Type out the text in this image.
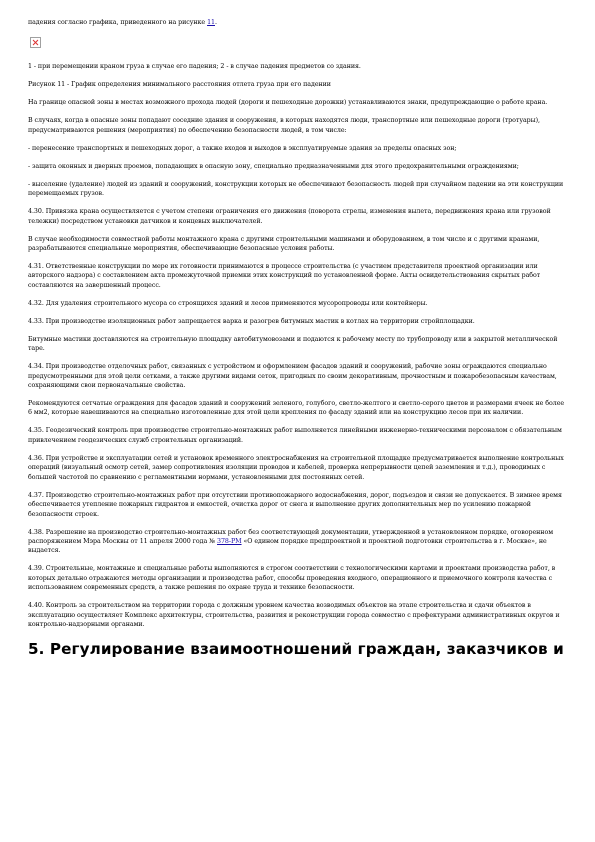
падения согласно графика, приведенного на рисунке 11.

1 - при перемещении краном груза в случае его падения; 2 - в случае падения предметов со здания.

Рисунок 11 - График определения минимального расстояния отлета груза при его падении

На границе опасной зоны в местах возможного прохода людей (дороги и пешеходные дорожки) устанавливаются знаки, предупреждающие о работе крана.

В случаях, когда в опасные зоны попадают соседние здания и сооружения, в которых находятся люди, транспортные или пешеходные дороги (тротуары), предусматриваются решения (мероприятия) по обеспечению безопасности людей, в том числе:

- перенесение транспортных и пешеходных дорог, а также входов и выходов в эксплуатируемые здания за пределы опасных зон;

- защита оконных и дверных проемов, попадающих в опасную зону, специально предназначенными для этого предохранительными ограждениями;

- выселение (удаление) людей из зданий и сооружений, конструкции которых не обеспечивают безопасность людей при случайном падении на эти конструкции перемещаемых грузов.

4.30. Привязка крана осуществляется с учетом степени ограничения его движения (поворота стрелы, изменения вылета, передвижения крана или грузовой тележки) посредством установки датчиков и концевых выключателей.

В случае необходимости совместной работы монтажного крана с другими строительными машинами и оборудованием, в том числе и с другими кранами, разрабатываются специальные мероприятия, обеспечивающие безопасные условия работы.

4.31. Ответственные конструкции по мере их готовности принимаются в процессе строительства (с участием представителя проектной организации или авторского надзора) с составлением акта промежуточной приемки этих конструкций по установленной форме. Акты освидетельствования скрытых работ составляются на завершенный процесс.

4.32. Для удаления строительного мусора со строящихся зданий и лесов применяются мусоропроводы или контейнеры.

4.33. При производстве изоляционных работ запрещается варка и разогрев битумных мастик в котлах на территории стройплощадки.

Битумные мастики доставляются на строительную площадку автобитумовозами и подаются к рабочему месту по трубопроводу или в закрытой металлической таре.

4.34. При производстве отделочных работ, связанных с устройством и оформлением фасадов зданий и сооружений, рабочие зоны ограждаются специально предусмотренными для этой цели сетками, а также другими видами сеток, пригодных по своим декоративным, прочностным и пожаробезопасным качествам, сохраняющими свои первоначальные свойства.

Рекомендуются сетчатые ограждения для фасадов зданий и сооружений зеленого, голубого, светло-желтого и светло-серого цветов и размерами ячеек не более 6 мм2, которые навешиваются на специально изготовленные для этой цели крепления по фасаду зданий или на конструкцию лесов при их наличии.

4.35. Геодезический контроль при производстве строительно-монтажных работ выполняется линейными инженерно-техническими персоналом с обязательным привлечением геодезических служб строительных организаций.

4.36. При устройстве и эксплуатации сетей и установок временного электроснабжения на строительной площадке предусматривается выполнение контрольных операций (визуальный осмотр сетей, замер сопротивления изоляции проводов и кабелей, проверка непрерывности цепей заземления и т.д.), проводимых с большей частотой по сравнению с регламентными нормами, установленными для постоянных сетей.

4.37. Производство строительно-монтажных работ при отсутствии противопожарного водоснабжения, дорог, подъездов и связи не допускается. В зимнее время обеспечивается утепление пожарных гидрантов и емкостей, очистка дорог от снега и выполнение других дополнительных мер по усилению пожарной безопасности строек.

4.38. Разрешение на производство строительно-монтажных работ без соответствующей документации, утвержденной в установленном порядке, оговоренном распоряжением Мэра Москвы от 11 апреля 2000 года № 378-РМ «О едином порядке предпроектной и проектной подготовки строительства в г. Москве», не выдается.

4.39. Строительные, монтажные и специальные работы выполняются в строгом соответствии с технологическими картами и проектами производства работ, в которых детально отражаются методы организации и производства работ, способы проведения входного, операционного и приемочного контроля качества с использованием современных средств, а также решения по охране труда и технике безопасности.

4.40. Контроль за строительством на территории города с должным уровнем качества возводимых объектов на этапе строительства и сдачи объектов в эксплуатацию осуществляет Комплекс архитектуры, строительства, развития и реконструкции города совместно с префектурами административных округов и контрольно-надзорными органами.

5. Регулирование взаимоотношений граждан, заказчиков и
